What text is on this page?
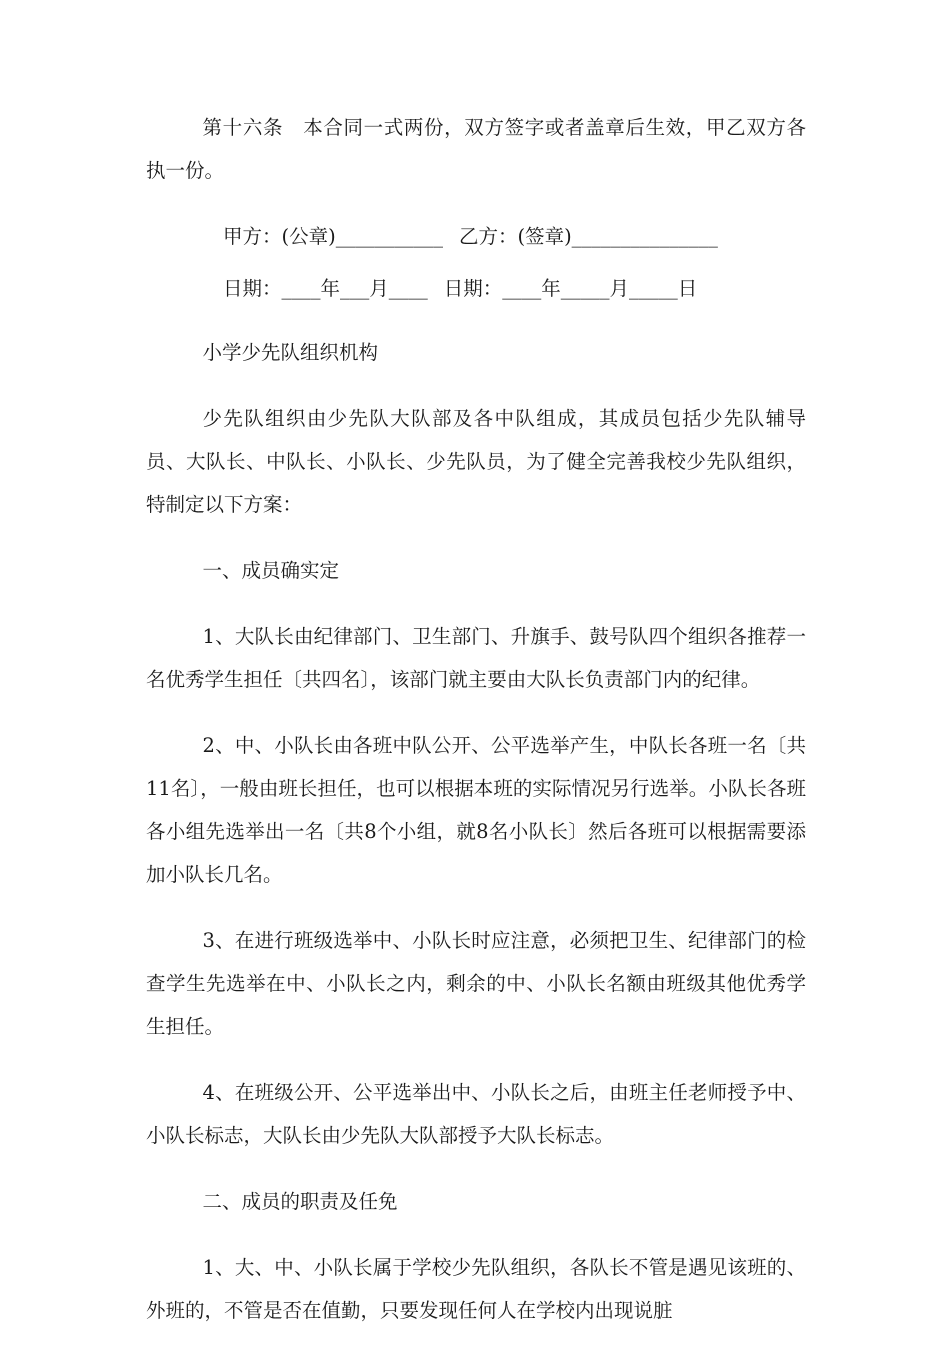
第十六条　本合同一式两份，双方签字或者盖章后生效，甲乙双方各执一份。

甲方：(公章)___________ 乙方：(签章)_______________
日期：____年___月____ 日期：____年_____月_____日

小学少先队组织机构

少先队组织由少先队大队部及各中队组成，其成员包括少先队辅导员、大队长、中队长、小队长、少先队员，为了健全完善我校少先队组织，特制定以下方案：

一、成员确实定

1、大队长由纪律部门、卫生部门、升旗手、鼓号队四个组织各推荐一名优秀学生担任〔共四名〕，该部门就主要由大队长负责部门内的纪律。

2、中、小队长由各班中队公开、公平选举产生，中队长各班一名〔共11名〕，一般由班长担任，也可以根据本班的实际情况另行选举。小队长各班各小组先选举出一名〔共8个小组，就8名小队长〕然后各班可以根据需要添加小队长几名。

3、在进行班级选举中、小队长时应注意，必须把卫生、纪律部门的检查学生先选举在中、小队长之内，剩余的中、小队长名额由班级其他优秀学生担任。

4、在班级公开、公平选举出中、小队长之后，由班主任老师授予中、小队长标志，大队长由少先队大队部授予大队长标志。

二、成员的职责及任免

1、大、中、小队长属于学校少先队组织，各队长不管是遇见该班的、外班的，不管是否在值勤，只要发现任何人在学校内出现说脏
